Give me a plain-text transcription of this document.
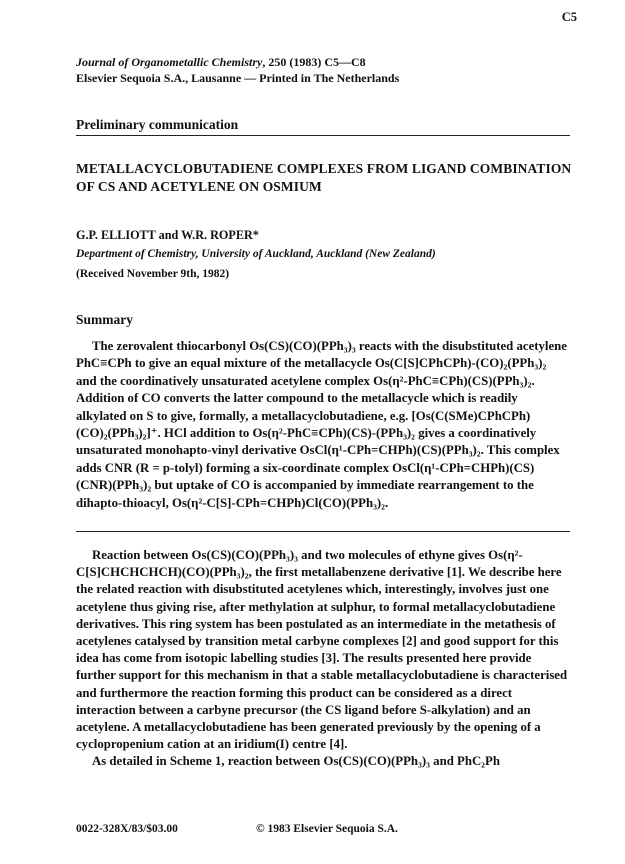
C5
Journal of Organometallic Chemistry, 250 (1983) C5—C8
Elsevier Sequoia S.A., Lausanne — Printed in The Netherlands
Preliminary communication
METALLACYCLOBUTADIENE COMPLEXES FROM LIGAND COMBINATION OF CS AND ACETYLENE ON OSMIUM
G.P. ELLIOTT and W.R. ROPER*
Department of Chemistry, University of Auckland, Auckland (New Zealand)
(Received November 9th, 1982)
Summary

The zerovalent thiocarbonyl Os(CS)(CO)(PPh₃)₃ reacts with the disubstituted acetylene PhC≡CPh to give an equal mixture of the metallacycle Os(C[S]CPhCPh)-(CO)₂(PPh₃)₂ and the coordinatively unsaturated acetylene complex Os(η²-PhC≡CPh)(CS)(PPh₃)₂. Addition of CO converts the latter compound to the metallacycle which is readily alkylated on S to give, formally, a metallacyclobutadiene, e.g. [Os(C(SMe)CPhCPh)(CO)₂(PPh₃)₂]⁺. HCl addition to Os(η²-PhC≡CPh)(CS)-(PPh₃)₂ gives a coordinatively unsaturated monohapto-vinyl derivative OsCl(η¹-CPh=CHPh)(CS)(PPh₃)₂. This complex adds CNR (R = p-tolyl) forming a six-coordinate complex OsCl(η¹-CPh=CHPh)(CS)(CNR)(PPh₃)₂ but uptake of CO is accompanied by immediate rearrangement to the dihapto-thioacyl, Os(η²-C[S]-CPh=CHPh)Cl(CO)(PPh₃)₂.

Reaction between Os(CS)(CO)(PPh₃)₃ and two molecules of ethyne gives Os(η²-C[S]CHCHCHCH)(CO)(PPh₃)₂, the first metallabenzene derivative [1]. We describe here the related reaction with disubstituted acetylenes which, interestingly, involves just one acetylene thus giving rise, after methylation at sulphur, to formal metallacyclobutadiene derivatives. This ring system has been postulated as an intermediate in the metathesis of acetylenes catalysed by transition metal carbyne complexes [2] and good support for this idea has come from isotopic labelling studies [3]. The results presented here provide further support for this mechanism in that a stable metallacyclobutadiene is characterised and furthermore the reaction forming this product can be considered as a direct interaction between a carbyne precursor (the CS ligand before S-alkylation) and an acetylene. A metallacyclobutadiene has been generated previously by the opening of a cyclopropenium cation at an iridium(I) centre [4].

As detailed in Scheme 1, reaction between Os(CS)(CO)(PPh₃)₃ and PhC₂Ph

0022-328X/83/$03.00	© 1983 Elsevier Sequoia S.A.
